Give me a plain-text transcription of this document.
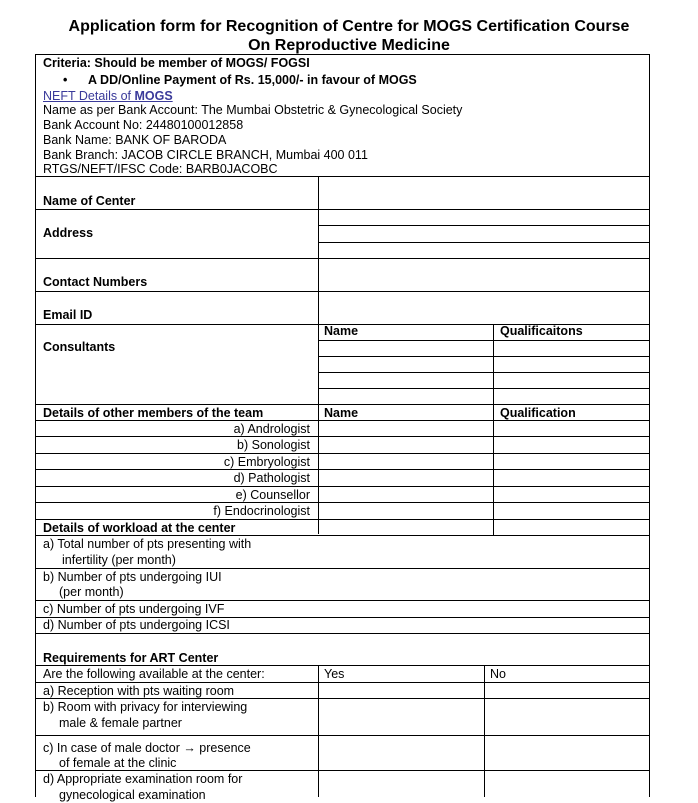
Application form for Recognition of Centre for MOGS Certification Course
On Reproductive Medicine
Criteria: Should be member of MOGS/ FOGSI
• A DD/Online Payment of Rs. 15,000/- in favour of MOGS
NEFT Details of MOGS
Name as per Bank Account: The Mumbai Obstetric & Gynecological Society
Bank Account No: 24480100012858
Bank Name: BANK OF BARODA
Bank Branch: JACOB CIRCLE BRANCH, Mumbai 400 011
RTGS/NEFT/IFSC Code: BARB0JACOBC
Name of Center
Address
Contact Numbers
Email ID
Consultants
Name	Qualificaitons
Details of other members of the team	Name	Qualification
a) Andrologist
b) Sonologist
c) Embryologist
d) Pathologist
e) Counsellor
f) Endocrinologist
Details of workload at the center
a) Total number of pts presenting with
infertility (per month)
b) Number of pts undergoing IUI
(per month)
c) Number of pts undergoing IVF
d) Number of pts undergoing ICSI
Requirements for ART Center
Are the following available at the center:	Yes	No
a) Reception with pts waiting room
b) Room with privacy for interviewing
male & female partner
c) In case of male doctor → presence
of female at the clinic
d) Appropriate examination room for
gynecological examination
